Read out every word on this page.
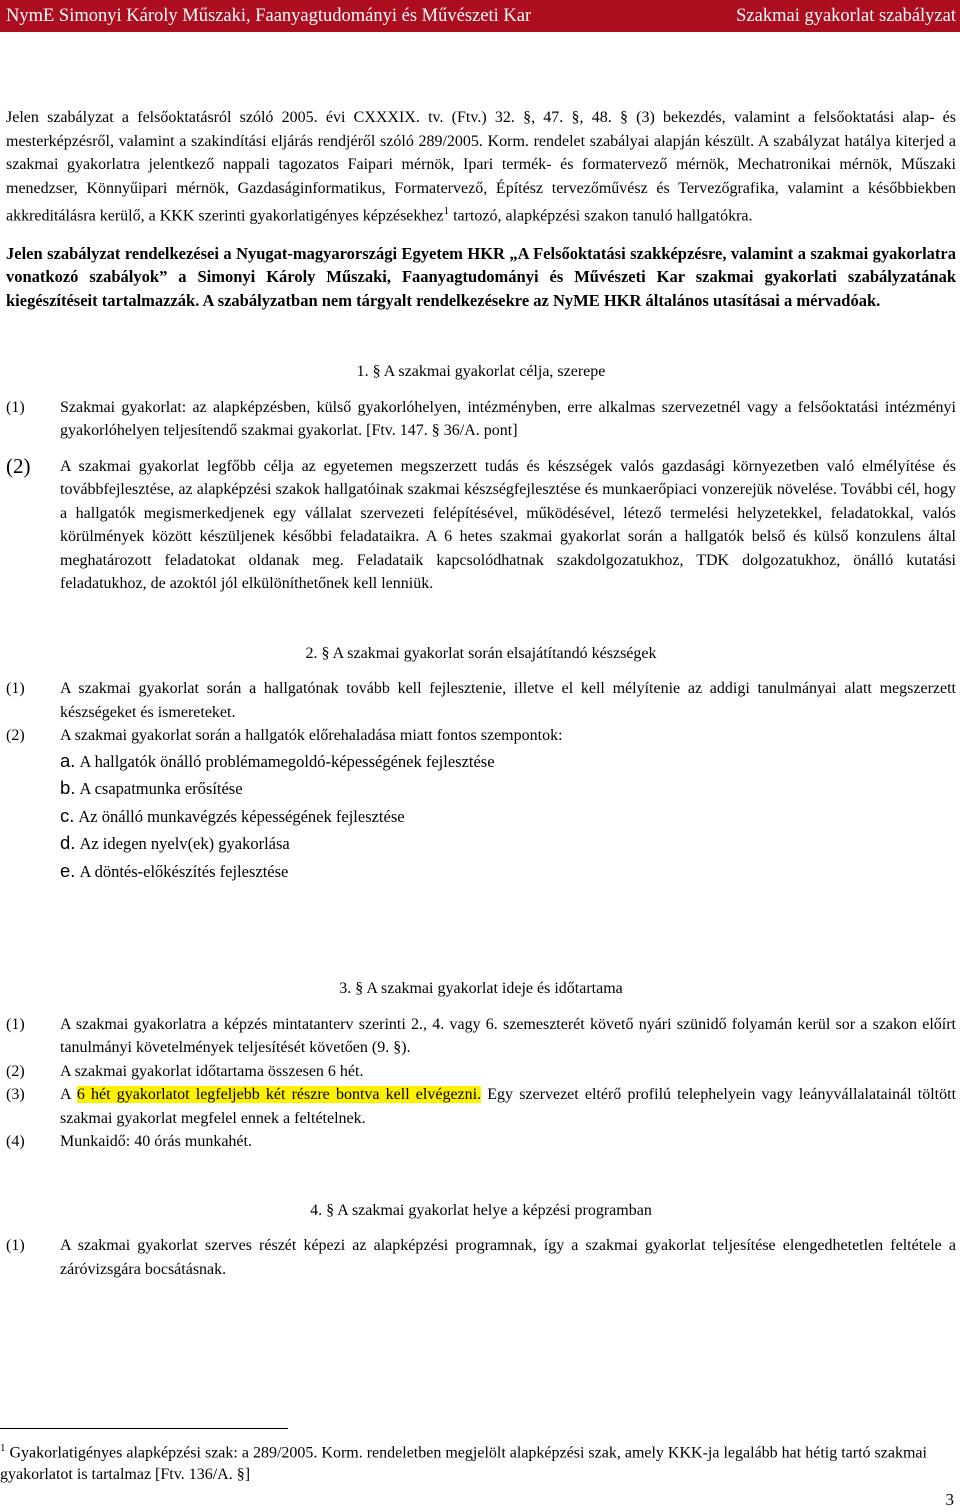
NymE Simonyi Károly Műszaki, Faanyagtudományi és Művészeti Kar	Szakmai gyakorlat szabályzat

Jelen szabályzat a felsőoktatásról szóló 2005. évi CXXXIX. tv. (Ftv.) 32. §, 47. §, 48. § (3) bekezdés, valamint a felsőoktatási alap- és mesterképzésről, valamint a szakindítási eljárás rendjéről szóló 289/2005. Korm. rendelet szabályai alapján készült. A szabályzat hatálya kiterjed a szakmai gyakorlatra jelentkező nappali tagozatos Faipari mérnök, Ipari termék- és formatervező mérnök, Mechatronikai mérnök, Műszaki menedzser, Könnyűipari mérnök, Gazdaságinformatikus, Formatervező, Építész tervezőművész és Tervezőgrafika, valamint a későbbiekben akkreditálásra kerülő, a KKK szerinti gyakorlatigényes képzésekhez$^1$ tartozó, alapképzési szakon tanuló hallgatókra.

Jelen szabályzat rendelkezései a Nyugat-magyarországi Egyetem HKR „A Felsőoktatási szakképzésre, valamint a szakmai gyakorlatra vonatkozó szabályok” a Simonyi Károly Műszaki, Faanyagtudományi és Művészeti Kar szakmai gyakorlati szabályzatának kiegészítéseit tartalmazzák. A szabályzatban nem tárgyalt rendelkezésekre az NyME HKR általános utasításai a mérvadóak.

1. § A szakmai gyakorlat célja, szerepe

(1) Szakmai gyakorlat: az alapképzésben, külső gyakorlóhelyen, intézményben, erre alkalmas szervezetnél vagy a felsőoktatási intézményi gyakorlóhelyen teljesítendő szakmai gyakorlat. [Ftv. 147. § 36/A. pont]
(2) A szakmai gyakorlat legfőbb célja az egyetemen megszerzett tudás és készségek valós gazdasági környezetben való elmélyítése és továbbfejlesztése, az alapképzési szakok hallgatóinak szakmai készségfejlesztése és munkaerőpiaci vonzerejük növelése. További cél, hogy a hallgatók megismerkedjenek egy vállalat szervezeti felépítésével, működésével, létező termelési helyzetekkel, feladatokkal, valós körülmények között készüljenek későbbi feladataikra. A 6 hetes szakmai gyakorlat során a hallgatók belső és külső konzulens által meghatározott feladatokat oldanak meg. Feladataik kapcsolódhatnak szakdolgozatukhoz, TDK dolgozatukhoz, önálló kutatási feladatukhoz, de azoktól jól elkülöníthetőnek kell lenniük.

2. § A szakmai gyakorlat során elsajátítandó készségek

(1) A szakmai gyakorlat során a hallgatónak tovább kell fejlesztenie, illetve el kell mélyítenie az addigi tanulmányai alatt megszerzett készségeket és ismereteket.
(2) A szakmai gyakorlat során a hallgatók előrehaladása miatt fontos szempontok:
a. A hallgatók önálló problémamegoldó-képességének fejlesztése
b. A csapatmunka erősítése
c. Az önálló munkavégzés képességének fejlesztése
d. Az idegen nyelv(ek) gyakorlása
e. A döntés-előkészítés fejlesztése

3. § A szakmai gyakorlat ideje és időtartama

(1) A szakmai gyakorlatra a képzés mintatanterv szerinti 2., 4. vagy 6. szemeszterét követő nyári szünidő folyamán kerül sor a szakon előírt tanulmányi követelmények teljesítését követően (9. §).
(2) A szakmai gyakorlat időtartama összesen 6 hét.
(3) A 6 hét gyakorlatot legfeljebb két részre bontva kell elvégezni. Egy szervezet eltérő profilú telephelyein vagy leányvállalatainál töltött szakmai gyakorlat megfelel ennek a feltételnek.
(4) Munkaidő: 40 órás munkahét.

4. § A szakmai gyakorlat helye a képzési programban

(1) A szakmai gyakorlat szerves részét képezi az alapképzési programnak, így a szakmai gyakorlat teljesítése elengedhetetlen feltétele a záróvizsgára bocsátásnak.
$^1$ Gyakorlatigényes alapképzési szak: a 289/2005. Korm. rendeletben megjelölt alapképzési szak, amely KKK-ja legalább hat hétig tartó szakmai gyakorlatot is tartalmaz [Ftv. 136/A. §]
3
